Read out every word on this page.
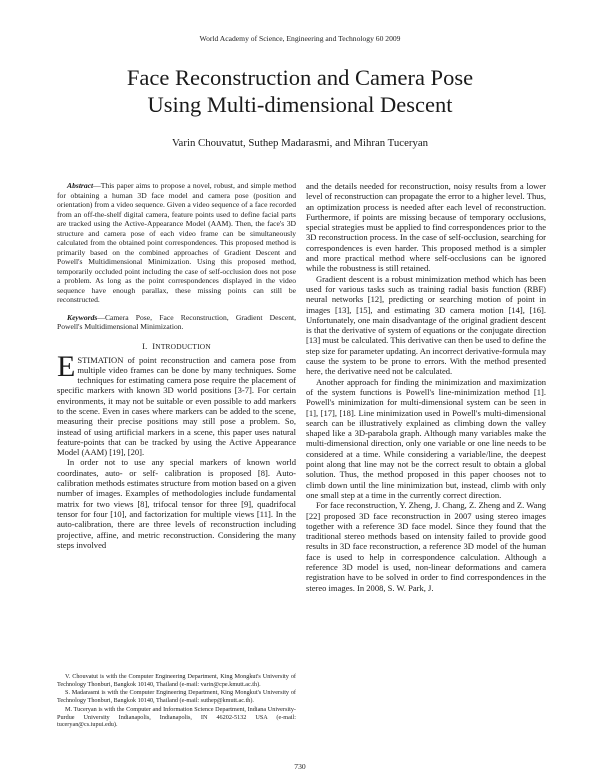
World Academy of Science, Engineering and Technology 60 2009
Face Reconstruction and Camera Pose
Using Multi-dimensional Descent
Varin Chouvatut, Suthep Madarasmi, and Mihran Tuceryan

Abstract—This paper aims to propose a novel, robust, and simple method for obtaining a human 3D face model and camera pose (position and orientation) from a video sequence. Given a video sequence of a face recorded from an off-the-shelf digital camera, feature points used to define facial parts are tracked using the Active-Appearance Model (AAM). Then, the face's 3D structure and camera pose of each video frame can be simultaneously calculated from the obtained point correspondences. This proposed method is primarily based on the combined approaches of Gradient Descent and Powell's Multidimensional Minimization. Using this proposed method, temporarily occluded point including the case of self-occlusion does not pose a problem. As long as the point correspondences displayed in the video sequence have enough parallax, these missing points can still be reconstructed.

Keywords—Camera Pose, Face Reconstruction, Gradient Descent, Powell's Multidimensional Minimization.

I. INTRODUCTION

ESTIMATION of point reconstruction and camera pose from multiple video frames can be done by many techniques. Some techniques for estimating camera pose require the placement of specific markers with known 3D world positions [3-7]. For certain environments, it may not be suitable or even possible to add markers to the scene. Even in cases where markers can be added to the scene, measuring their precise positions may still pose a problem. So, instead of using artificial markers in a scene, this paper uses natural feature-points that can be tracked by using the Active Appearance Model (AAM) [19], [20].

In order not to use any special markers of known world coordinates, auto- or self- calibration is proposed [8]. Auto-calibration methods estimates structure from motion based on a given number of images. Examples of methodologies include fundamental matrix for two views [8], trifocal tensor for three [9], quadrifocal tensor for four [10], and factorization for multiple views [11]. In the auto-calibration, there are three levels of reconstruction including projective, affine, and metric reconstruction. Considering the many steps involved

V. Chouvatut is with the Computer Engineering Department, King Mongkut's University of Technology Thonburi, Bangkok 10140, Thailand (e-mail: varin@cpe.kmutt.ac.th).

S. Madarasmi is with the Computer Engineering Department, King Mongkut's University of Technology Thonburi, Bangkok 10140, Thailand (e-mail: suthep@kmutt.ac.th).

M. Tuceryan is with the Computer and Information Science Department, Indiana University-Purdue University Indianapolis, Indianapolis, IN 46202-5132 USA (e-mail: tuceryan@cs.iupui.edu).

and the details needed for reconstruction, noisy results from a lower level of reconstruction can propagate the error to a higher level. Thus, an optimization process is needed after each level of reconstruction. Furthermore, if points are missing because of temporary occlusions, special strategies must be applied to find correspondences prior to the 3D reconstruction process. In the case of self-occlusion, searching for correspondences is even harder. This proposed method is a simpler and more practical method where self-occlusions can be ignored while the robustness is still retained.

Gradient descent is a robust minimization method which has been used for various tasks such as training radial basis function (RBF) neural networks [12], predicting or searching motion of point in images [13], [15], and estimating 3D camera motion [14], [16]. Unfortunately, one main disadvantage of the original gradient descent is that the derivative of system of equations or the conjugate direction [13] must be calculated. This derivative can then be used to define the step size for parameter updating. An incorrect derivative-formula may cause the system to be prone to errors. With the method presented here, the derivative need not be calculated.

Another approach for finding the minimization and maximization of the system functions is Powell's line-minimization method [1]. Powell's minimization for multi-dimensional system can be seen in [1], [17], [18]. Line minimization used in Powell's multi-dimensional search can be illustratively explained as climbing down the valley shaped like a 3D-parabola graph. Although many variables make the multi-dimensional direction, only one variable or one line needs to be considered at a time. While considering a variable/line, the deepest point along that line may not be the correct result to obtain a global solution. Thus, the method proposed in this paper chooses not to climb down until the line minimization but, instead, climb with only one small step at a time in the currently correct direction.

For face reconstruction, Y. Zheng, J. Chang, Z. Zheng and Z. Wang [22] proposed 3D face reconstruction in 2007 using stereo images together with a reference 3D face model. Since they found that the traditional stereo methods based on intensity failed to provide good results in 3D face reconstruction, a reference 3D model of the human face is used to help in correspondence calculation. Although a reference 3D model is used, non-linear deformations and camera registration have to be solved in order to find correspondences in the stereo images. In 2008, S. W. Park, J.

730
